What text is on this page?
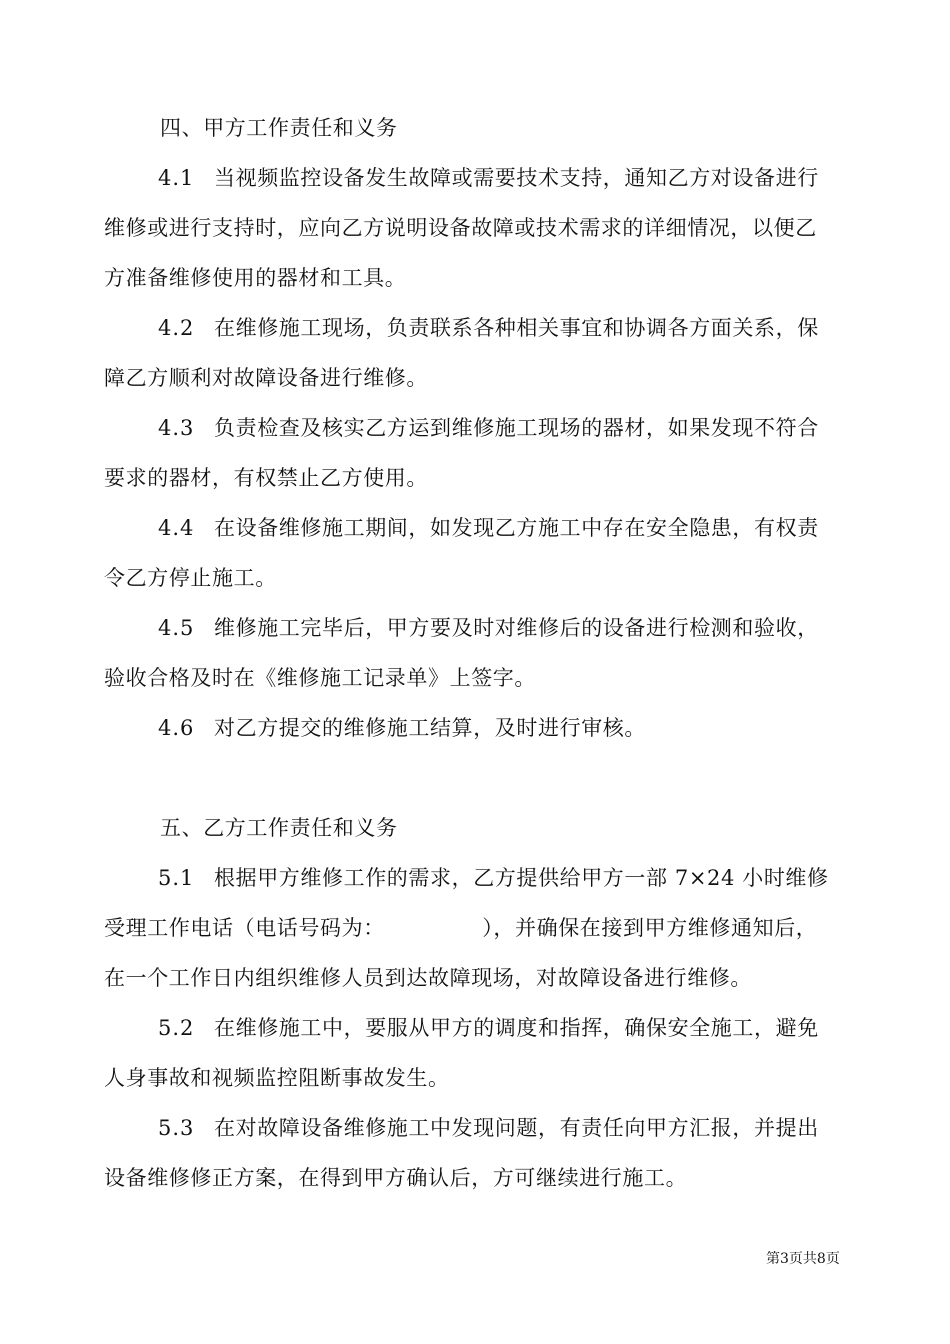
四、甲方工作责任和义务
4.1 当视频监控设备发生故障或需要技术支持，通知乙方对设备进行
维修或进行支持时，应向乙方说明设备故障或技术需求的详细情况，以便乙
方准备维修使用的器材和工具。
4.2 在维修施工现场，负责联系各种相关事宜和协调各方面关系，保
障乙方顺利对故障设备进行维修。
4.3 负责检查及核实乙方运到维修施工现场的器材，如果发现不符合
要求的器材，有权禁止乙方使用。
4.4 在设备维修施工期间，如发现乙方施工中存在安全隐患，有权责
令乙方停止施工。
4.5 维修施工完毕后，甲方要及时对维修后的设备进行检测和验收，
验收合格及时在《维修施工记录单》上签字。
4.6 对乙方提交的维修施工结算，及时进行审核。
五、乙方工作责任和义务
5.1 根据甲方维修工作的需求，乙方提供给甲方一部 7×24 小时维修
受理工作电话（电话号码为：　　　　　），并确保在接到甲方维修通知后，
在一个工作日内组织维修人员到达故障现场，对故障设备进行维修。
5.2 在维修施工中，要服从甲方的调度和指挥，确保安全施工，避免
人身事故和视频监控阻断事故发生。
5.3 在对故障设备维修施工中发现问题，有责任向甲方汇报，并提出
设备维修修正方案，在得到甲方确认后，方可继续进行施工。
第3页共8页
